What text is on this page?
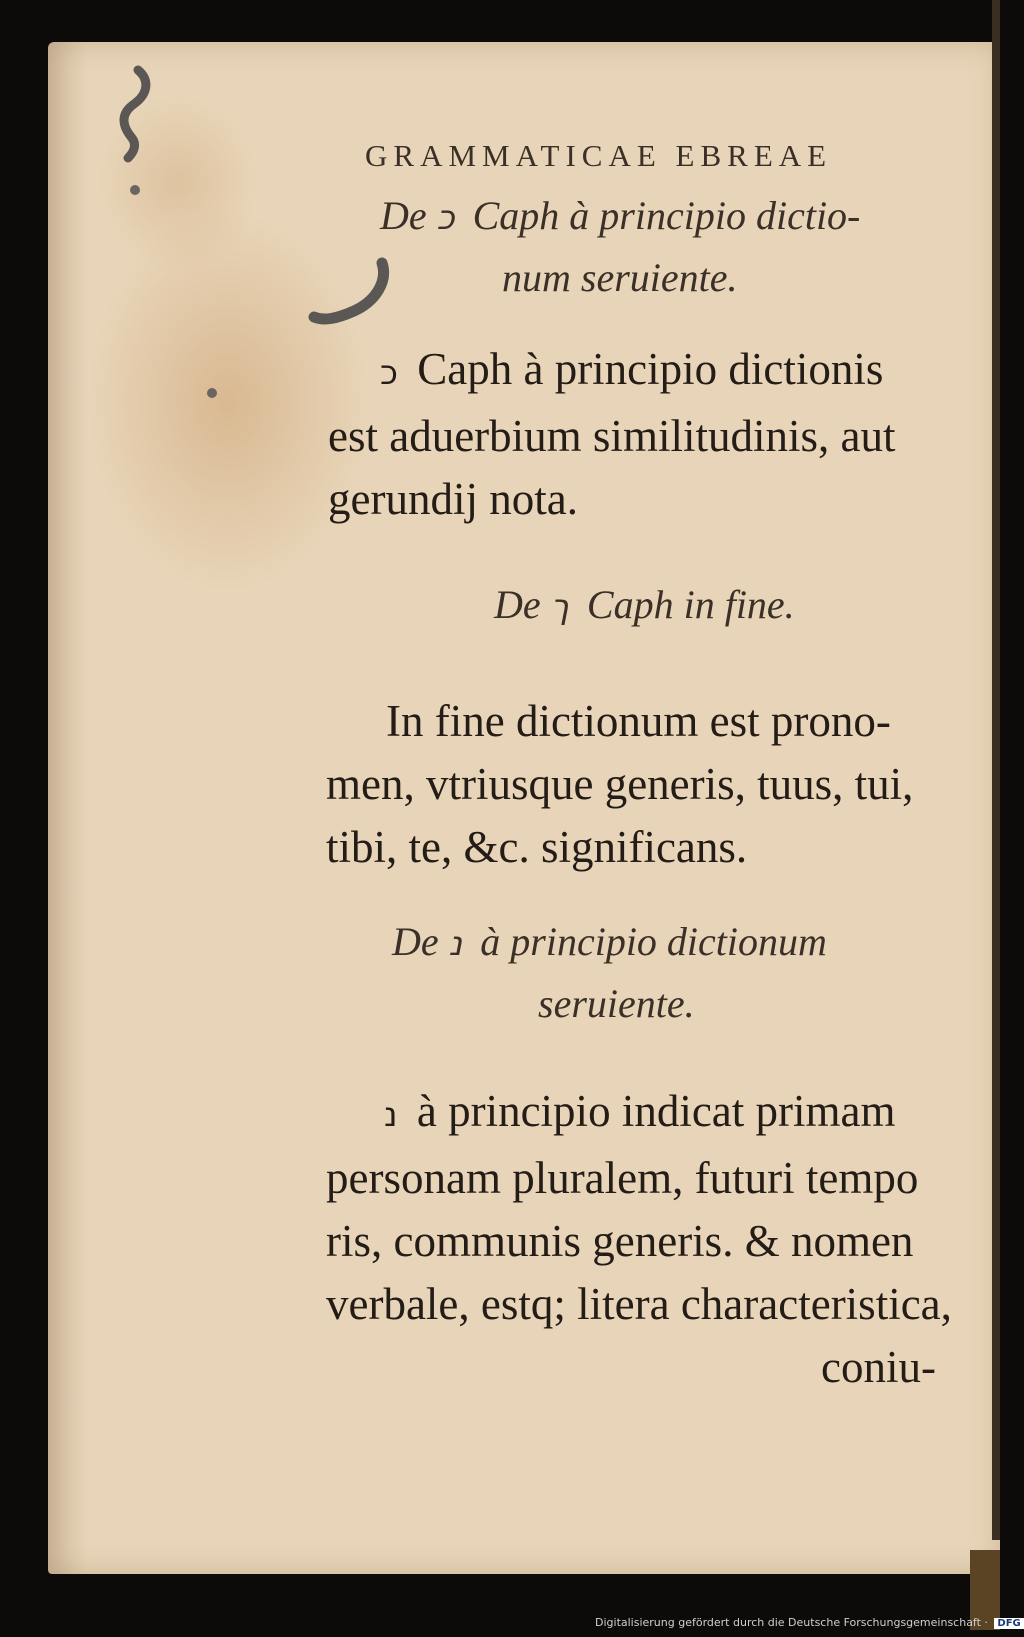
GRAMMATICAE EBREAE
De כ Caph à principio dictio-
num seruiente.
כ Caph à principio dictionis
est aduerbium similitudinis, aut
gerundij nota.
De ך Caph in fine.
In fine dictionum est prono-
men, vtriusque generis, tuus, tui,
tibi, te, &c. significans.
De נ à principio dictionum
seruiente.
נ à principio indicat primam
personam pluralem, futuri tempo
ris, communis generis. & nomen
verbale, estq; litera characteristica,
coniu-
Digitalisierung gefördert durch die Deutsche Forschungsgemeinschaft · DFG
